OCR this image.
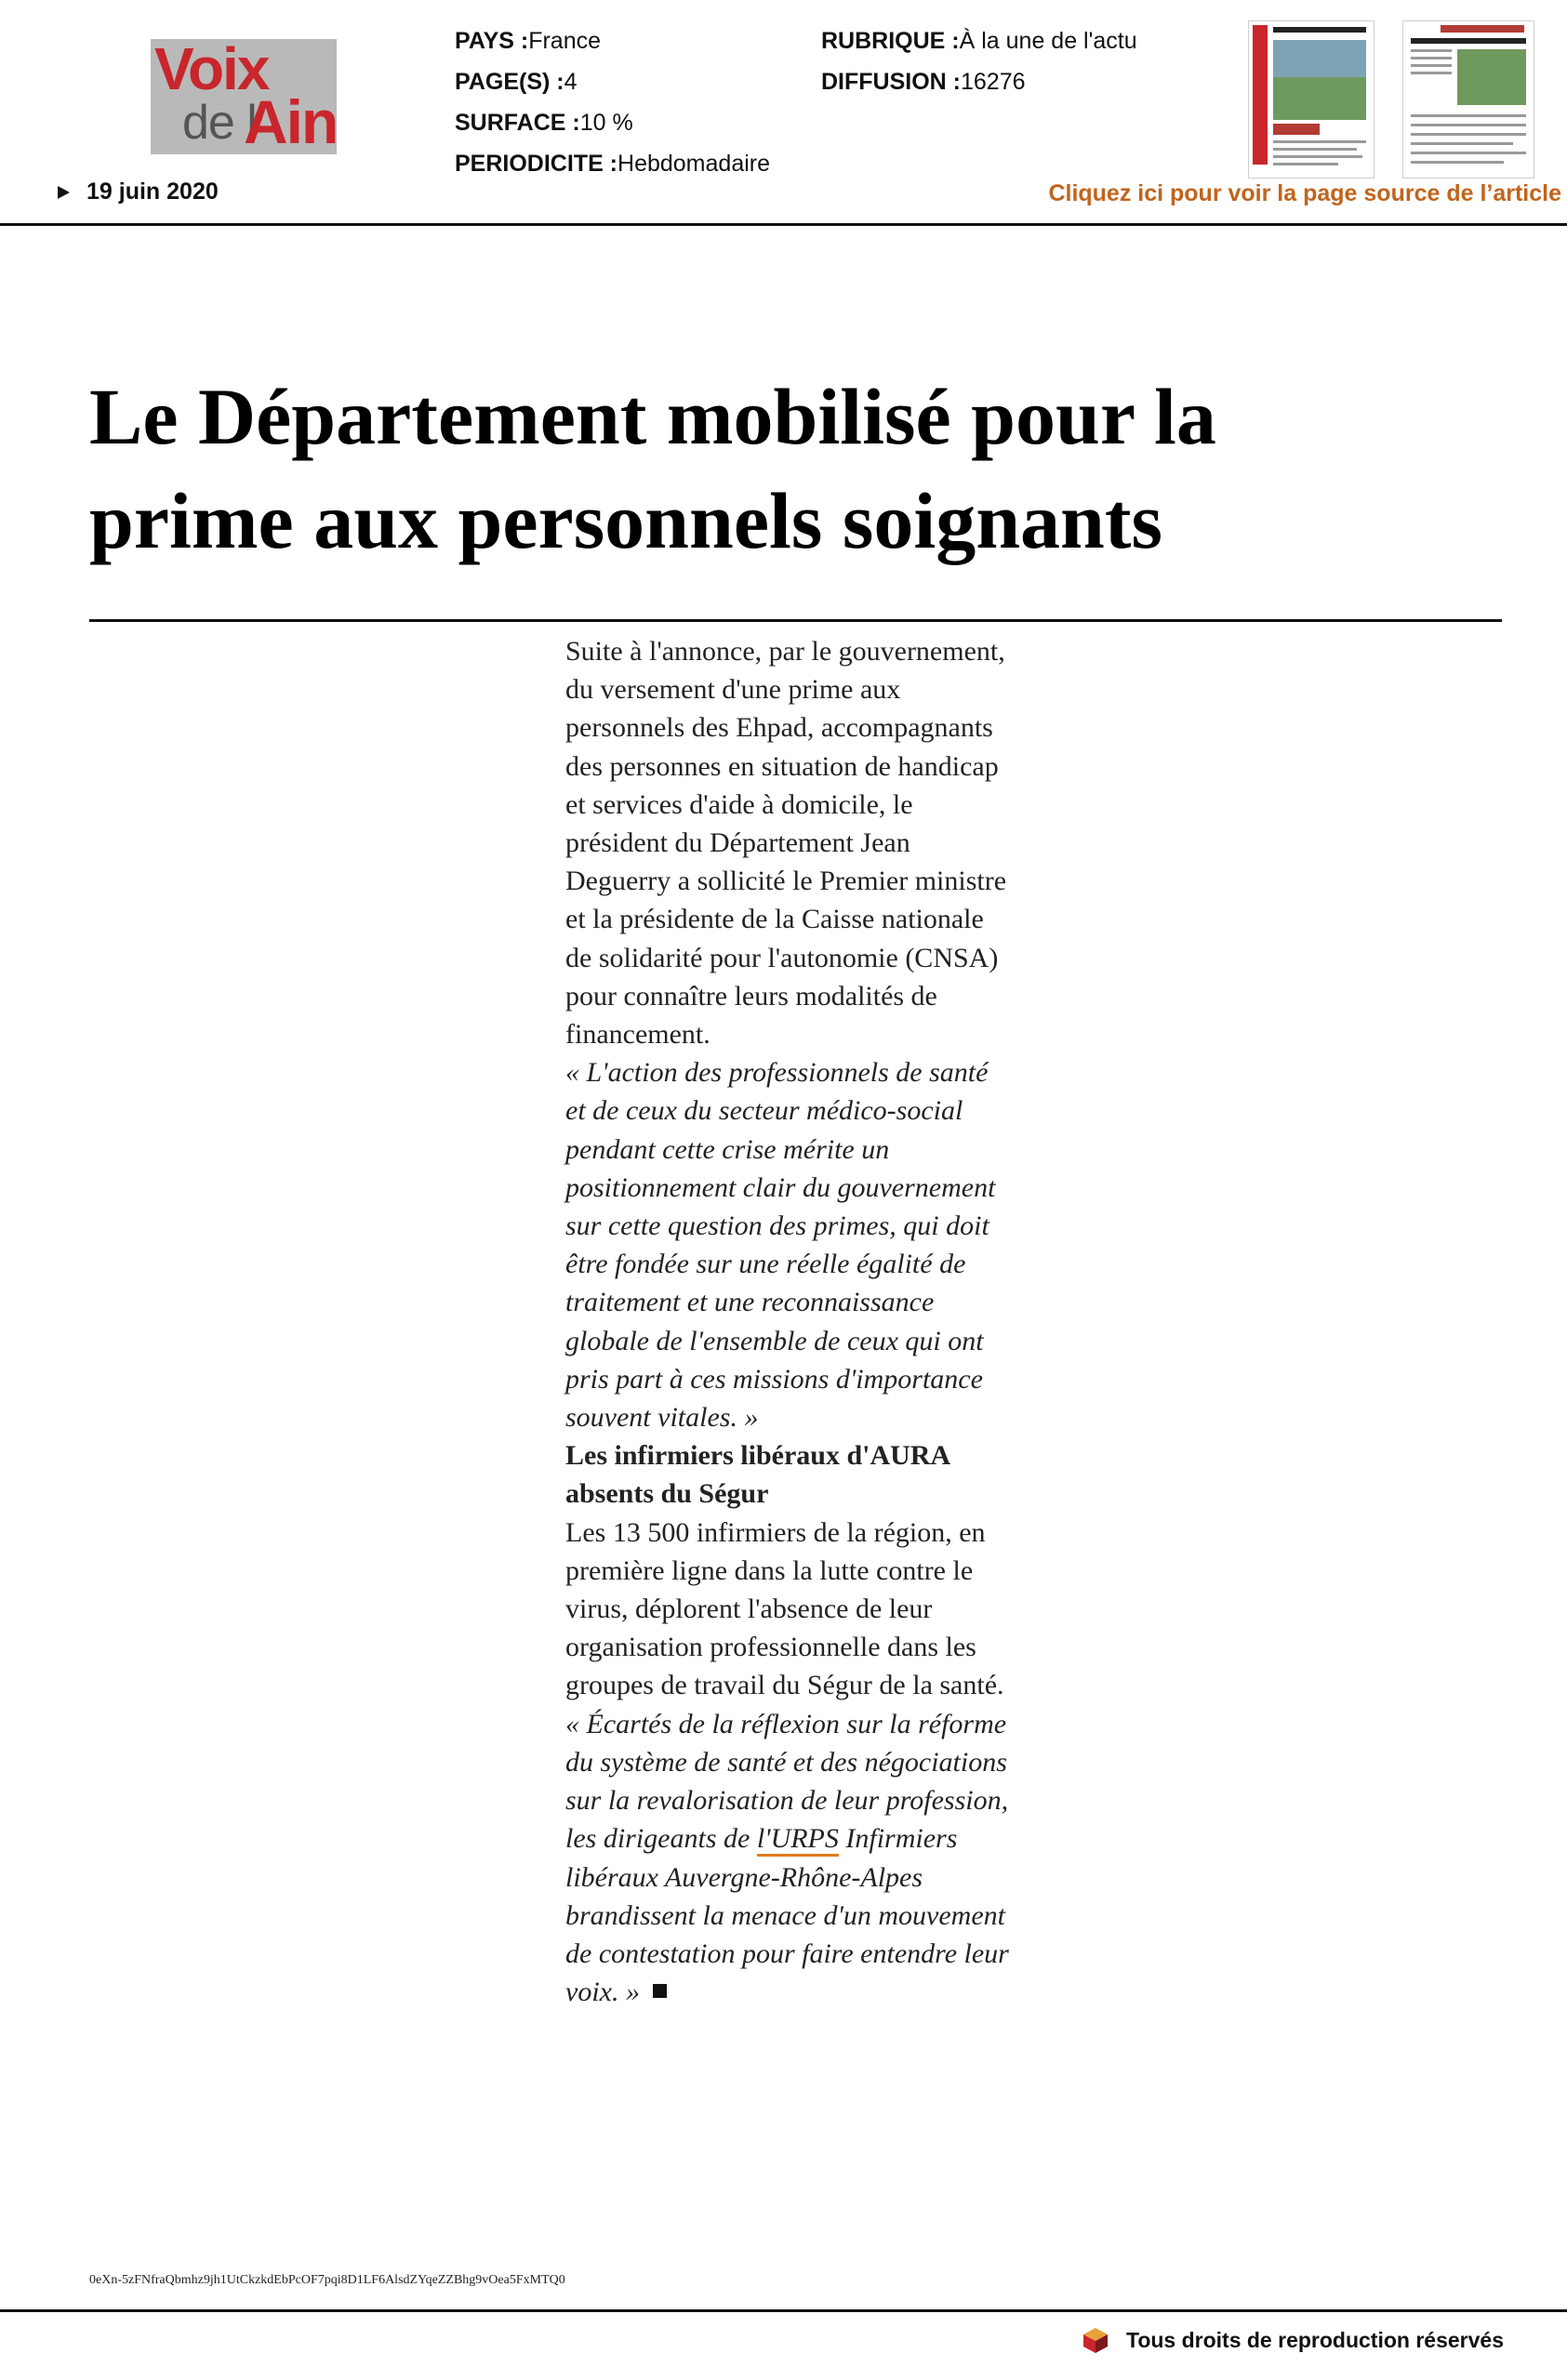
Voix
de l'
Ain
PAYS :France
PAGE(S) :4
SURFACE :10 %
PERIODICITE :Hebdomadaire
RUBRIQUE :À la une de l'actu
DIFFUSION :16276
19 juin 2020	Cliquez ici pour voir la page source de l’article
Le Département mobilisé pour la prime aux personnels soignants

Suite à l'annonce, par le gouvernement, du versement d'une prime aux personnels des Ehpad, accompagnants des personnes en situation de handicap et services d'aide à domicile, le président du Département Jean Deguerry a sollicité le Premier ministre et la présidente de la Caisse nationale de solidarité pour l'autonomie (CNSA) pour connaître leurs modalités de financement.

« L'action des professionnels de santé et de ceux du secteur médico-social pendant cette crise mérite un positionnement clair du gouvernement sur cette question des primes, qui doit être fondée sur une réelle égalité de traitement et une reconnaissance globale de l'ensemble de ceux qui ont pris part à ces missions d'importance souvent vitales. »

Les infirmiers libéraux d'AURA absents du Ségur

Les 13 500 infirmiers de la région, en première ligne dans la lutte contre le virus, déplorent l'absence de leur organisation professionnelle dans les groupes de travail du Ségur de la santé. « Écartés de la réflexion sur la réforme du système de santé et des négociations sur la revalorisation de leur profession, les dirigeants de l'URPS Infirmiers libéraux Auvergne-Rhône-Alpes brandissent la menace d'un mouvement de contestation pour faire entendre leur voix. »

0eXn-5zFNfraQbmhz9jh1UtCkzkdEbPcOF7pqi8D1LF6AlsdZYqeZZBhg9vOea5FxMTQ0
Tous droits de reproduction réservés
